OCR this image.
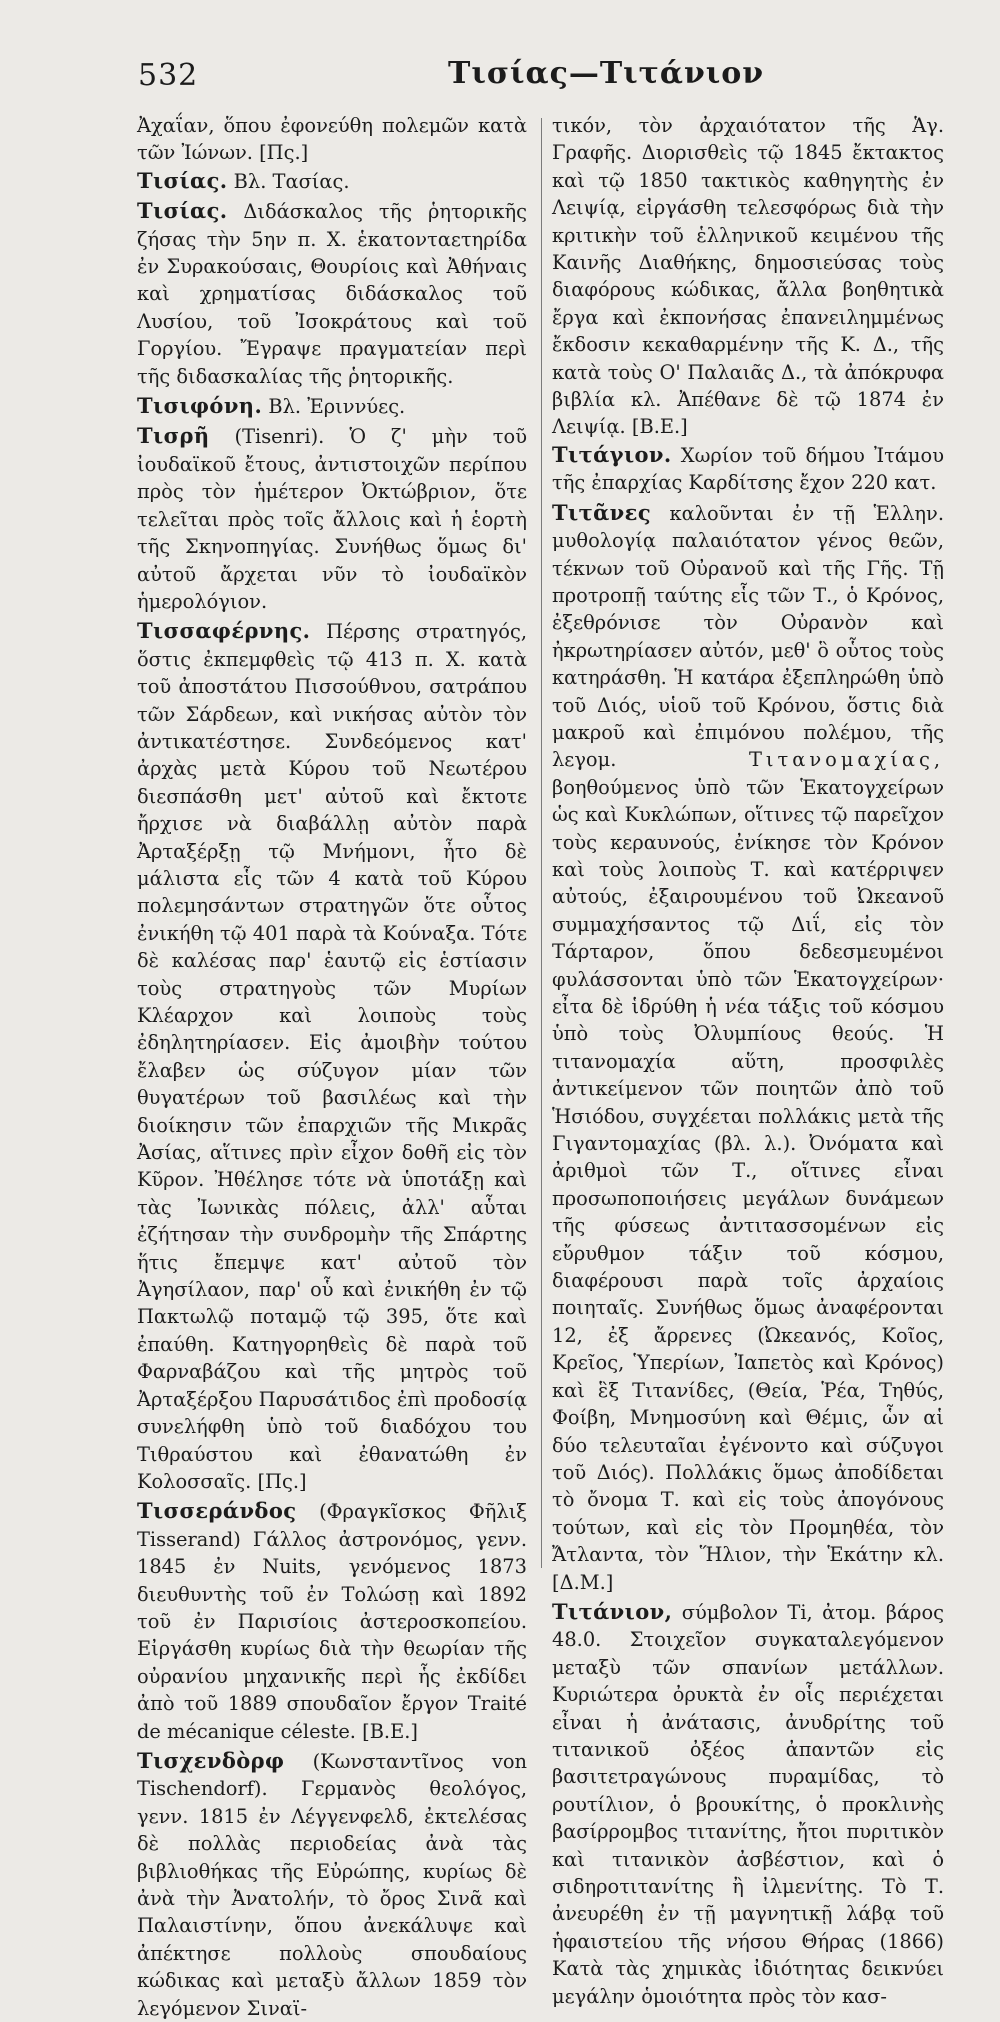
532	Τισίας—Τιτάνιον

Ἀχαΐαν, ὅπου ἐφονεύθη πολεμῶν κατὰ τῶν Ἰώνων. [Πς.]

Τισίας. Βλ. Τασίας.

Τισίας. Διδάσκαλος τῆς ῥητορικῆς ζήσας τὴν 5ην π. Χ. ἑκατονταετηρίδα ἐν Συρακούσαις, Θουρίοις καὶ Ἀθήναις καὶ χρηματίσας διδάσκαλος τοῦ Λυσίου, τοῦ Ἰσοκράτους καὶ τοῦ Γοργίου. Ἔγραψε πραγματείαν περὶ τῆς διδασκαλίας τῆς ῥητορικῆς.

Τισιφόνη. Βλ. Ἐριννύες.

Τισρῆ (Tisenri). Ὁ ζ' μὴν τοῦ ἰουδαϊκοῦ ἔτους, ἀντιστοιχῶν περίπου πρὸς τὸν ἡμέτερον Ὀκτώβριον, ὅτε τελεῖται πρὸς τοῖς ἄλλοις καὶ ἡ ἑορτὴ τῆς Σκηνοπηγίας. Συνήθως ὅμως δι' αὐτοῦ ἄρχεται νῦν τὸ ἰουδαϊκὸν ἡμερολόγιον.

Τισσαφέρνης. Πέρσης στρατηγός, ὅστις ἐκπεμφθεὶς τῷ 413 π. Χ. κατὰ τοῦ ἀποστάτου Πισσούθνου, σατράπου τῶν Σάρδεων, καὶ νικήσας αὐτὸν τὸν ἀντικατέστησε. Συνδεόμενος κατ' ἀρχὰς μετὰ Κύρου τοῦ Νεωτέρου διεσπάσθη μετ' αὐτοῦ καὶ ἔκτοτε ἤρχισε νὰ διαβάλλῃ αὐτὸν παρὰ Ἀρταξέρξῃ τῷ Μνήμονι, ἦτο δὲ μάλιστα εἷς τῶν 4 κατὰ τοῦ Κύρου πολεμησάντων στρατηγῶν ὅτε οὗτος ἐνικήθη τῷ 401 παρὰ τὰ Κούναξα. Τότε δὲ καλέσας παρ' ἑαυτῷ εἰς ἑστίασιν τοὺς στρατηγοὺς τῶν Μυρίων Κλέαρχον καὶ λοιποὺς τοὺς ἐδηλητηρίασεν. Εἰς ἀμοιβὴν τούτου ἔλαβεν ὡς σύζυγον μίαν τῶν θυγατέρων τοῦ βασιλέως καὶ τὴν διοίκησιν τῶν ἐπαρχιῶν τῆς Μικρᾶς Ἀσίας, αἵτινες πρὶν εἶχον δοθῆ εἰς τὸν Κῦρον. Ἠθέλησε τότε νὰ ὑποτάξῃ καὶ τὰς Ἰωνικὰς πόλεις, ἀλλ' αὗται ἐζήτησαν τὴν συνδρομὴν τῆς Σπάρτης ἥτις ἔπεμψε κατ' αὐτοῦ τὸν Ἀγησίλαον, παρ' οὗ καὶ ἐνικήθη ἐν τῷ Πακτωλῷ ποταμῷ τῷ 395, ὅτε καὶ ἐπαύθη. Κατηγορηθεὶς δὲ παρὰ τοῦ Φαρναβάζου καὶ τῆς μητρὸς τοῦ Ἀρταξέρξου Παρυσάτιδος ἐπὶ προδοσίᾳ συνελήφθη ὑπὸ τοῦ διαδόχου του Τιθραύστου καὶ ἐθανατώθη ἐν Κολοσσαῖς. [Πς.]

Τισσεράνδος (Φραγκῖσκος Φῆλιξ Tisserand) Γάλλος ἀστρονόμος, γενν. 1845 ἐν Nuits, γενόμενος 1873 διευθυντὴς τοῦ ἐν Τολώσῃ καὶ 1892 τοῦ ἐν Παρισίοις ἀστεροσκοπείου. Εἰργάσθη κυρίως διὰ τὴν θεωρίαν τῆς οὐρανίου μηχανικῆς περὶ ἧς ἐκδίδει ἀπὸ τοῦ 1889 σπουδαῖον ἔργον Traité de mécanique céleste. [Β.Ε.]

Τισχενδὸρφ (Κωνσταντῖνος von Tischendorf). Γερμανὸς θεολόγος, γενν. 1815 ἐν Λέγγενφελδ, ἐκτελέσας δὲ πολλὰς περιοδείας ἀνὰ τὰς βιβλιοθήκας τῆς Εὐρώπης, κυρίως δὲ ἀνὰ τὴν Ἀνατολήν, τὸ ὄρος Σινᾶ καὶ Παλαιστίνην, ὅπου ἀνεκάλυψε καὶ ἀπέκτησε πολλοὺς σπουδαίους κώδικας καὶ μεταξὺ ἄλλων 1859 τὸν λεγόμενον Σιναϊ-

τικόν, τὸν ἀρχαιότατον τῆς Ἁγ. Γραφῆς. Διορισθεὶς τῷ 1845 ἔκτακτος καὶ τῷ 1850 τακτικὸς καθηγητὴς ἐν Λειψίᾳ, εἰργάσθη τελεσφόρως διὰ τὴν κριτικὴν τοῦ ἑλληνικοῦ κειμένου τῆς Καινῆς Διαθήκης, δημοσιεύσας τοὺς διαφόρους κώδικας, ἄλλα βοηθητικὰ ἔργα καὶ ἐκπονήσας ἐπανειλημμένως ἔκδοσιν κεκαθαρμένην τῆς Κ. Δ., τῆς κατὰ τοὺς Ο' Παλαιᾶς Δ., τὰ ἀπόκρυφα βιβλία κλ. Ἀπέθανε δὲ τῷ 1874 ἐν Λειψίᾳ. [Β.Ε.]

Τιτάγιον. Χωρίον τοῦ δήμου Ἰτάμου τῆς ἐπαρχίας Καρδίτσης ἔχον 220 κατ.

Τιτᾶνες καλοῦνται ἐν τῇ Ἑλλην. μυθολογίᾳ παλαιότατον γένος θεῶν, τέκνων τοῦ Οὐρανοῦ καὶ τῆς Γῆς. Τῇ προτροπῇ ταύτης εἷς τῶν Τ., ὁ Κρόνος, ἐξεθρόνισε τὸν Οὐρανὸν καὶ ἠκρωτηρίασεν αὐτόν, μεθ' ὃ οὗτος τοὺς κατηράσθη. Ἡ κατάρα ἐξεπληρώθη ὑπὸ τοῦ Διός, υἱοῦ τοῦ Κρόνου, ὅστις διὰ μακροῦ καὶ ἐπιμόνου πολέμου, τῆς λεγομ.	Τιτανομαχίας, βοηθούμενος ὑπὸ τῶν Ἑκατογχείρων ὡς καὶ Κυκλώπων, οἵτινες τῷ παρεῖχον τοὺς κεραυνούς, ἐνίκησε τὸν Κρόνον καὶ τοὺς λοιποὺς Τ. καὶ κατέρριψεν αὐτούς, ἐξαιρουμένου τοῦ Ὠκεανοῦ συμμαχήσαντος τῷ Διΐ, εἰς τὸν Τάρταρον, ὅπου δεδεσμευμένοι φυλάσσονται ὑπὸ τῶν Ἑκατογχείρων· εἶτα δὲ ἱδρύθη ἡ νέα τάξις τοῦ κόσμου ὑπὸ τοὺς Ὀλυμπίους θεούς. Ἡ τιτανομαχία αὕτη, προσφιλὲς ἀντικείμενον τῶν ποιητῶν ἀπὸ τοῦ Ἡσιόδου, συγχέεται πολλάκις μετὰ τῆς Γιγαντομαχίας (βλ. λ.). Ὀνόματα καὶ ἀριθμοὶ τῶν Τ., οἵτινες εἶναι προσωποποιήσεις μεγάλων δυνάμεων τῆς φύσεως ἀντιτασσομένων εἰς εὔρυθμον τάξιν τοῦ κόσμου, διαφέρουσι παρὰ τοῖς ἀρχαίοις ποιηταῖς. Συνήθως ὅμως ἀναφέρονται 12, ἐξ ἄρρενες (Ὠκεανός, Κοῖος, Κρεῖος, Ὑπερίων, Ἰαπετὸς καὶ Κρόνος) καὶ ἓξ Τιτανίδες, (Θεία, Ῥέα, Τηθύς, Φοίβη, Μνημοσύνη καὶ Θέμις, ὧν αἱ δύο τελευταῖαι ἐγένοντο καὶ σύζυγοι τοῦ Διός). Πολλάκις ὅμως ἀποδίδεται τὸ ὄνομα Τ. καὶ εἰς τοὺς ἀπογόνους τούτων, καὶ εἰς τὸν Προμηθέα, τὸν Ἄτλαντα, τὸν Ἥλιον, τὴν Ἑκάτην κλ. [Δ.Μ.]

Τιτάνιον, σύμβολον Ti, ἀτομ. βάρος 48.0. Στοιχεῖον συγκαταλεγόμενον μεταξὺ τῶν σπανίων μετάλλων. Κυριώτερα ὀρυκτὰ ἐν οἷς περιέχεται εἶναι ἡ ἀνάτασις, ἀνυδρίτης τοῦ τιτανικοῦ ὀξέος ἀπαντῶν εἰς βασιτετραγώνους πυραμίδας, τὸ ρουτίλιον, ὁ βρουκίτης, ὁ προκλινὴς βασίρρομβος τιτανίτης, ἤτοι πυριτικὸν καὶ τιτανικὸν ἀσβέστιον, καὶ ὁ σιδηροτιτανίτης ἢ ἰλμενίτης. Τὸ Τ. ἀνευρέθη ἐν τῇ μαγνητικῇ λάβᾳ τοῦ ἡφαιστείου τῆς νήσου Θήρας (1866) Κατὰ τὰς χημικὰς ἰδιότητας δεικνύει μεγάλην ὁμοιότητα πρὸς τὸν κασ-
